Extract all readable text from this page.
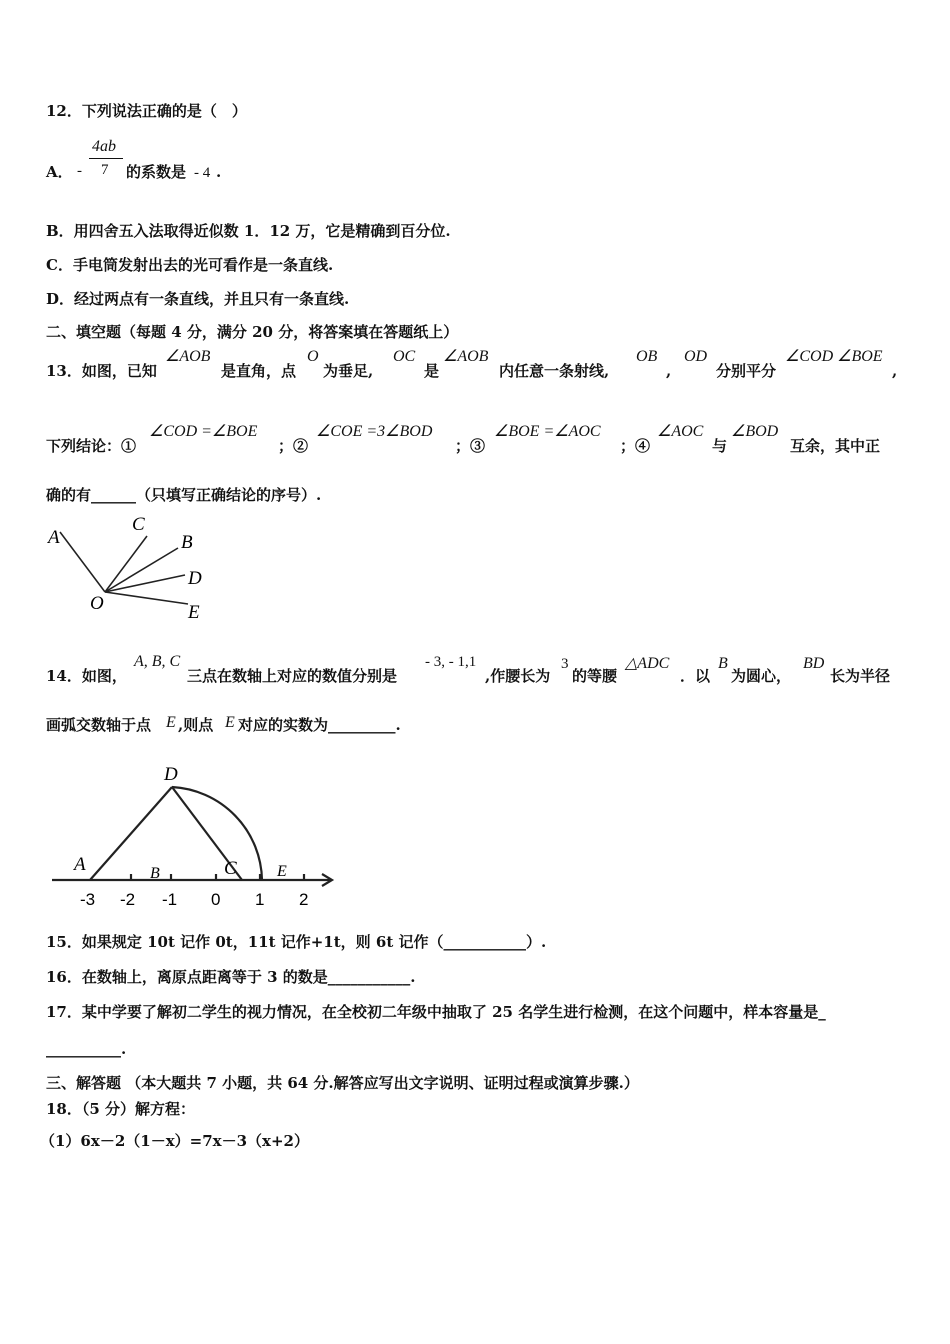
12．下列说法正确的是（　）
A． -
4ab
7 的系数是 - 4 .
B．用四舍五入法取得近似数 1．12 万，它是精确到百分位.
C．手电筒发射出去的光可看作是一条直线.
D．经过两点有一条直线，并且只有一条直线.
二、填空题（每题 4 分，满分 20 分，将答案填在答题纸上）
13．如图，已知
∠AOB
是直角，点
O
为垂足,
OC
是
∠AOB
内任意一条射线,
OB
,
OD
分别平分
∠COD ∠BOE
,
下列结论：①
∠COD =∠BOE
；②
∠COE =3∠BOD
；③
∠BOE =∠AOC
；④
∠AOC
与
∠BOD
互余，其中正
确的有______（只填写正确结论的序号）.
A
C
B
D
O	E
14．如图，
A, B, C
三点在数轴上对应的数值分别是
- 3, - 1,1
,作腰长为
3
的等腰
△ADC
．以
B
为圆心，
BD
长为半径
画弧交数轴于点 E ,则点 E 对应的实数为_________.
D
A	B	C	E
-3 -2 -1 0 1 2
15．如果规定 10t 记作 0t，11t 记作+1t，则 6t 记作（___________）.
16．在数轴上，离原点距离等于 3 的数是___________.
17．某中学要了解初二学生的视力情况，在全校初二年级中抽取了 25 名学生进行检测，在这个问题中，样本容量是_
__________.
三、解答题 （本大题共 7 小题，共 64 分.解答应写出文字说明、证明过程或演算步骤.）
18．（5 分）解方程：
（1）6x－2（1－x）=7x－3（x+2）
